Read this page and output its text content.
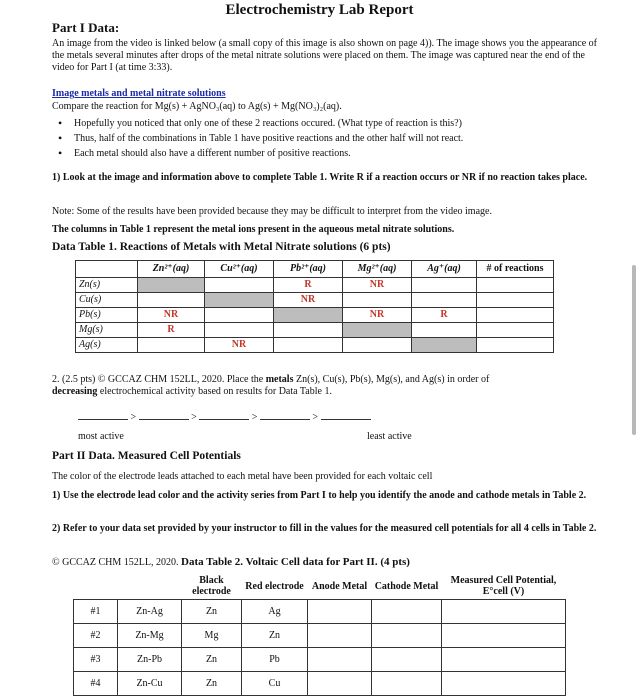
Electrochemistry Lab Report
Part I Data:
An image from the video is linked below (a small copy of this image is also shown on page 4)). The image shows you the appearance of the metals several minutes after drops of the metal nitrate solutions were placed on them. The image was captured near the end of the video for Part I (at time 3:33).
Image metals and metal nitrate solutions
Compare the reaction for Mg(s) + AgNO₃(aq) to Ag(s) + Mg(NO₃)₂(aq).
• Hopefully you noticed that only one of these 2 reactions occured. (What type of reaction is this?)
• Thus, half of the combinations in Table 1 have positive reactions and the other half will not react.
• Each metal should also have a different number of positive reactions.
1) Look at the image and information above to complete Table 1. Write R if a reaction occurs or NR if no reaction takes place.
Note: Some of the results have been provided because they may be difficult to interpret from the video image.
The columns in Table 1 represent the metal ions present in the aqueous metal nitrate solutions.
Data Table 1. Reactions of Metals with Metal Nitrate solutions (6 pts)
	Zn²⁺(aq)	Cu²⁺(aq)	Pb²⁺(aq)	Mg²⁺(aq)	Ag⁺(aq)	# of reactions
Zn(s)			R	NR		
Cu(s)			NR			
Pb(s)	NR			NR	R	
Mg(s)	R					
Ag(s)		NR				
2. (2.5 pts) © GCCAZ CHM 152LL, 2020. Place the metals Zn(s), Cu(s), Pb(s), Mg(s), and Ag(s) in order of
decreasing electrochemical activity based on results for Data Table 1.
>	>	>	>
most active	least active
Part II Data. Measured Cell Potentials
The color of the electrode leads attached to each metal have been provided for each voltaic cell
1) Use the electrode lead color and the activity series from Part I to help you identify the anode and cathode metals in Table 2.
2) Refer to your data set provided by your instructor to fill in the values for the measured cell potentials for all 4 cells in Table 2.
© GCCAZ CHM 152LL, 2020. Data Table 2. Voltaic Cell data for Part II. (4 pts)
		Black electrode	Red electrode	Anode Metal	Cathode Metal	Measured Cell Potential, E°cell (V)
#1	Zn-Ag	Zn	Ag			
#2	Zn-Mg	Mg	Zn			
#3	Zn-Pb	Zn	Pb			
#4	Zn-Cu	Zn	Cu			
